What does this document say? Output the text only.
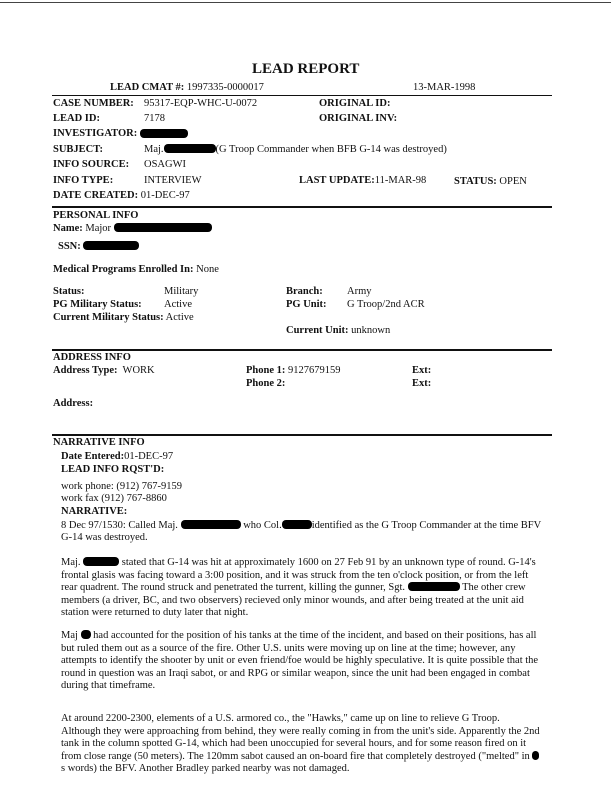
LEAD REPORT
LEAD CMAT #: 1997335-0000017	13-MAR-1998
CASE NUMBER: 95317-EQP-WHC-U-0072	ORIGINAL ID:
LEAD ID:	7178	ORIGINAL INV:
INVESTIGATOR:
SUBJECT:	Maj.	(G Troop Commander when BFB G-14 was destroyed)
INFO SOURCE: OSAGWI
INFO TYPE:	INTERVIEW	LAST UPDATE:11-MAR-98	STATUS: OPEN
DATE CREATED: 01-DEC-97
PERSONAL INFO
Name: Major
SSN:
Medical Programs Enrolled In: None
Status:	Military	Branch: Army
PG Military Status: Active	PG Unit: G Troop/2nd ACR
Current Military Status: Active
Current Unit: unknown
ADDRESS INFO
Address Type: WORK	Phone 1: 9127679159	Ext:
Phone 2:	Ext:
Address:
NARRATIVE INFO
Date Entered:01-DEC-97
LEAD INFO RQST'D:
work phone: (912) 767-9159
work fax (912) 767-8860
NARRATIVE:
8 Dec 97/1530: Called Maj.	who Col.	identified as the G Troop Commander at the time BFV
G-14 was destroyed.
Maj.	stated that G-14 was hit at approximately 1600 on 27 Feb 91 by an unknown type of round. G-14's frontal glasis was facing toward a 3:00 position, and it was struck from the ten o'clock position, or from the left rear quadrent. The round struck and penetrated the turrent, killing the gunner, Sgt.	The other crew members (a driver, BC, and two observers) recieved only minor wounds, and after being treated at the unit aid station were returned to duty later that night.
Maj had accounted for the position of his tanks at the time of the incident, and based on their positions, has all but ruled them out as a source of the fire. Other U.S. units were moving up on line at the time; however, any attempts to identify the shooter by unit or even friend/foe would be highly speculative. It is quite possible that the round in question was an Iraqi sabot, or and RPG or similar weapon, since the unit had been engaged in combat during that timeframe.
At around 2200-2300, elements of a U.S. armored co., the "Hawks," came up on line to relieve G Troop. Although they were approaching from behind, they were really coming in from the unit's side. Apparently the 2nd tank in the column spotted G-14, which had been unoccupied for several hours, and for some reason fired on it from close range (50 meters). The 120mm sabot caused an on-board fire that completely destroyed ("melted" in s words) the BFV. Another Bradley parked nearby was not damaged.
